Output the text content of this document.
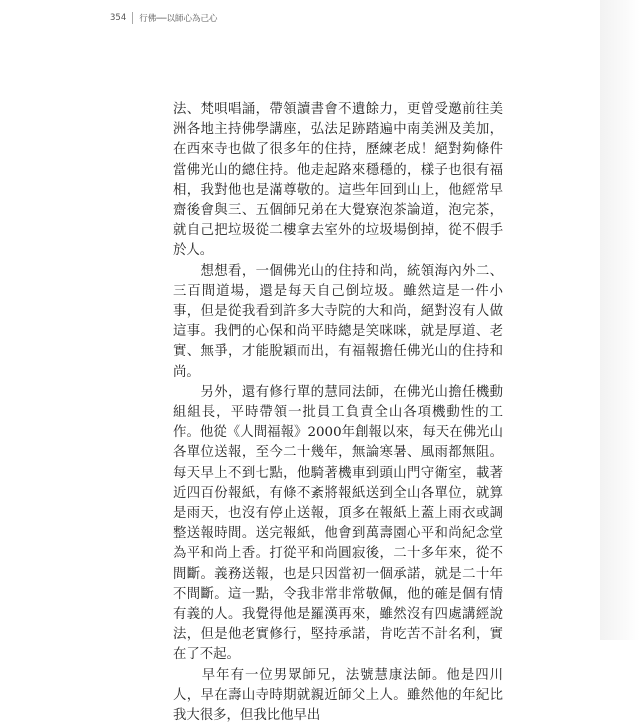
354 行佛──以師心為己心

法、梵唄唱誦，帶領讀書會不遺餘力，更曾受邀前往美洲各地主持佛學講座，弘法足跡踏遍中南美洲及美加，在西來寺也做了很多年的住持，歷練老成！絕對夠條件當佛光山的總住持。他走起路來穩穩的，樣子也很有福相，我對他也是滿尊敬的。這些年回到山上，他經常早齋後會與三、五個師兄弟在大覺寮泡茶論道，泡完茶，就自己把垃圾從二樓拿去室外的垃圾場倒掉，從不假手於人。

　　想想看，一個佛光山的住持和尚，統領海內外二、三百間道場，還是每天自己倒垃圾。雖然這是一件小事，但是從我看到許多大寺院的大和尚，絕對沒有人做這事。我們的心保和尚平時總是笑咪咪，就是厚道、老實、無爭，才能脫穎而出，有福報擔任佛光山的住持和尚。

　　另外，還有修行單的慧同法師，在佛光山擔任機動組組長，平時帶領一批員工負責全山各項機動性的工作。他從《人間福報》2000年創報以來，每天在佛光山各單位送報，至今二十幾年，無論寒暑、風雨都無阻。每天早上不到七點，他騎著機車到頭山門守衛室，載著近四百份報紙，有條不紊將報紙送到全山各單位，就算是雨天，也沒有停止送報，頂多在報紙上蓋上雨衣或調整送報時間。送完報紙，他會到萬壽園心平和尚紀念堂為平和尚上香。打從平和尚圓寂後，二十多年來，從不間斷。義務送報，也是只因當初一個承諾，就是二十年不間斷。這一點，令我非常非常敬佩，他的確是個有情有義的人。我覺得他是羅漢再來，雖然沒有四處講經說法，但是他老實修行，堅持承諾，肯吃苦不計名利，實在了不起。

　　早年有一位男眾師兄，法號慧康法師。他是四川人，早在壽山寺時期就親近師父上人。雖然他的年紀比我大很多，但我比他早出
